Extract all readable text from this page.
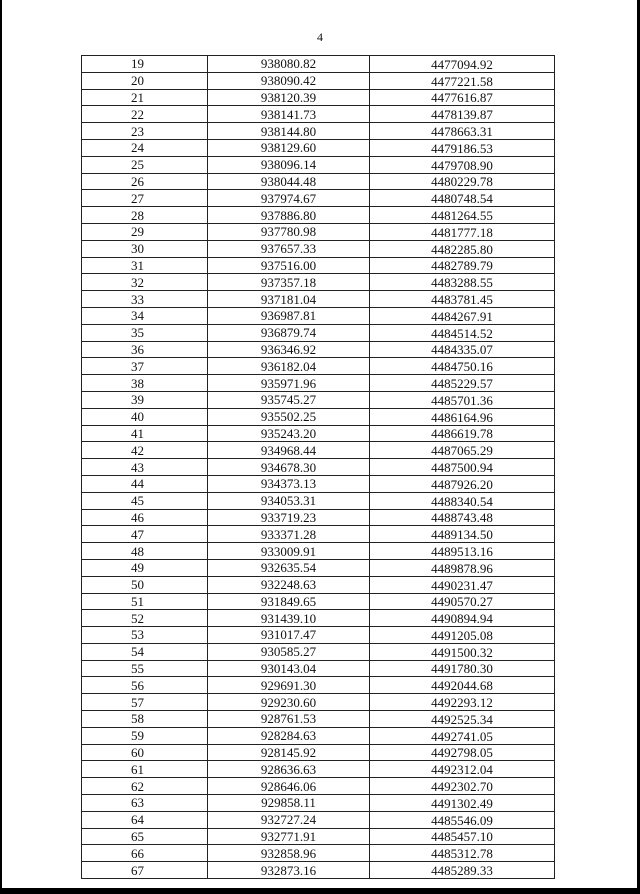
4
19	938080.82	4477094.92
20	938090.42	4477221.58
21	938120.39	4477616.87
22	938141.73	4478139.87
23	938144.80	4478663.31
24	938129.60	4479186.53
25	938096.14	4479708.90
26	938044.48	4480229.78
27	937974.67	4480748.54
28	937886.80	4481264.55
29	937780.98	4481777.18
30	937657.33	4482285.80
31	937516.00	4482789.79
32	937357.18	4483288.55
33	937181.04	4483781.45
34	936987.81	4484267.91
35	936879.74	4484514.52
36	936346.92	4484335.07
37	936182.04	4484750.16
38	935971.96	4485229.57
39	935745.27	4485701.36
40	935502.25	4486164.96
41	935243.20	4486619.78
42	934968.44	4487065.29
43	934678.30	4487500.94
44	934373.13	4487926.20
45	934053.31	4488340.54
46	933719.23	4488743.48
47	933371.28	4489134.50
48	933009.91	4489513.16
49	932635.54	4489878.96
50	932248.63	4490231.47
51	931849.65	4490570.27
52	931439.10	4490894.94
53	931017.47	4491205.08
54	930585.27	4491500.32
55	930143.04	4491780.30
56	929691.30	4492044.68
57	929230.60	4492293.12
58	928761.53	4492525.34
59	928284.63	4492741.05
60	928145.92	4492798.05
61	928636.63	4492312.04
62	928646.06	4492302.70
63	929858.11	4491302.49
64	932727.24	4485546.09
65	932771.91	4485457.10
66	932858.96	4485312.78
67	932873.16	4485289.33
